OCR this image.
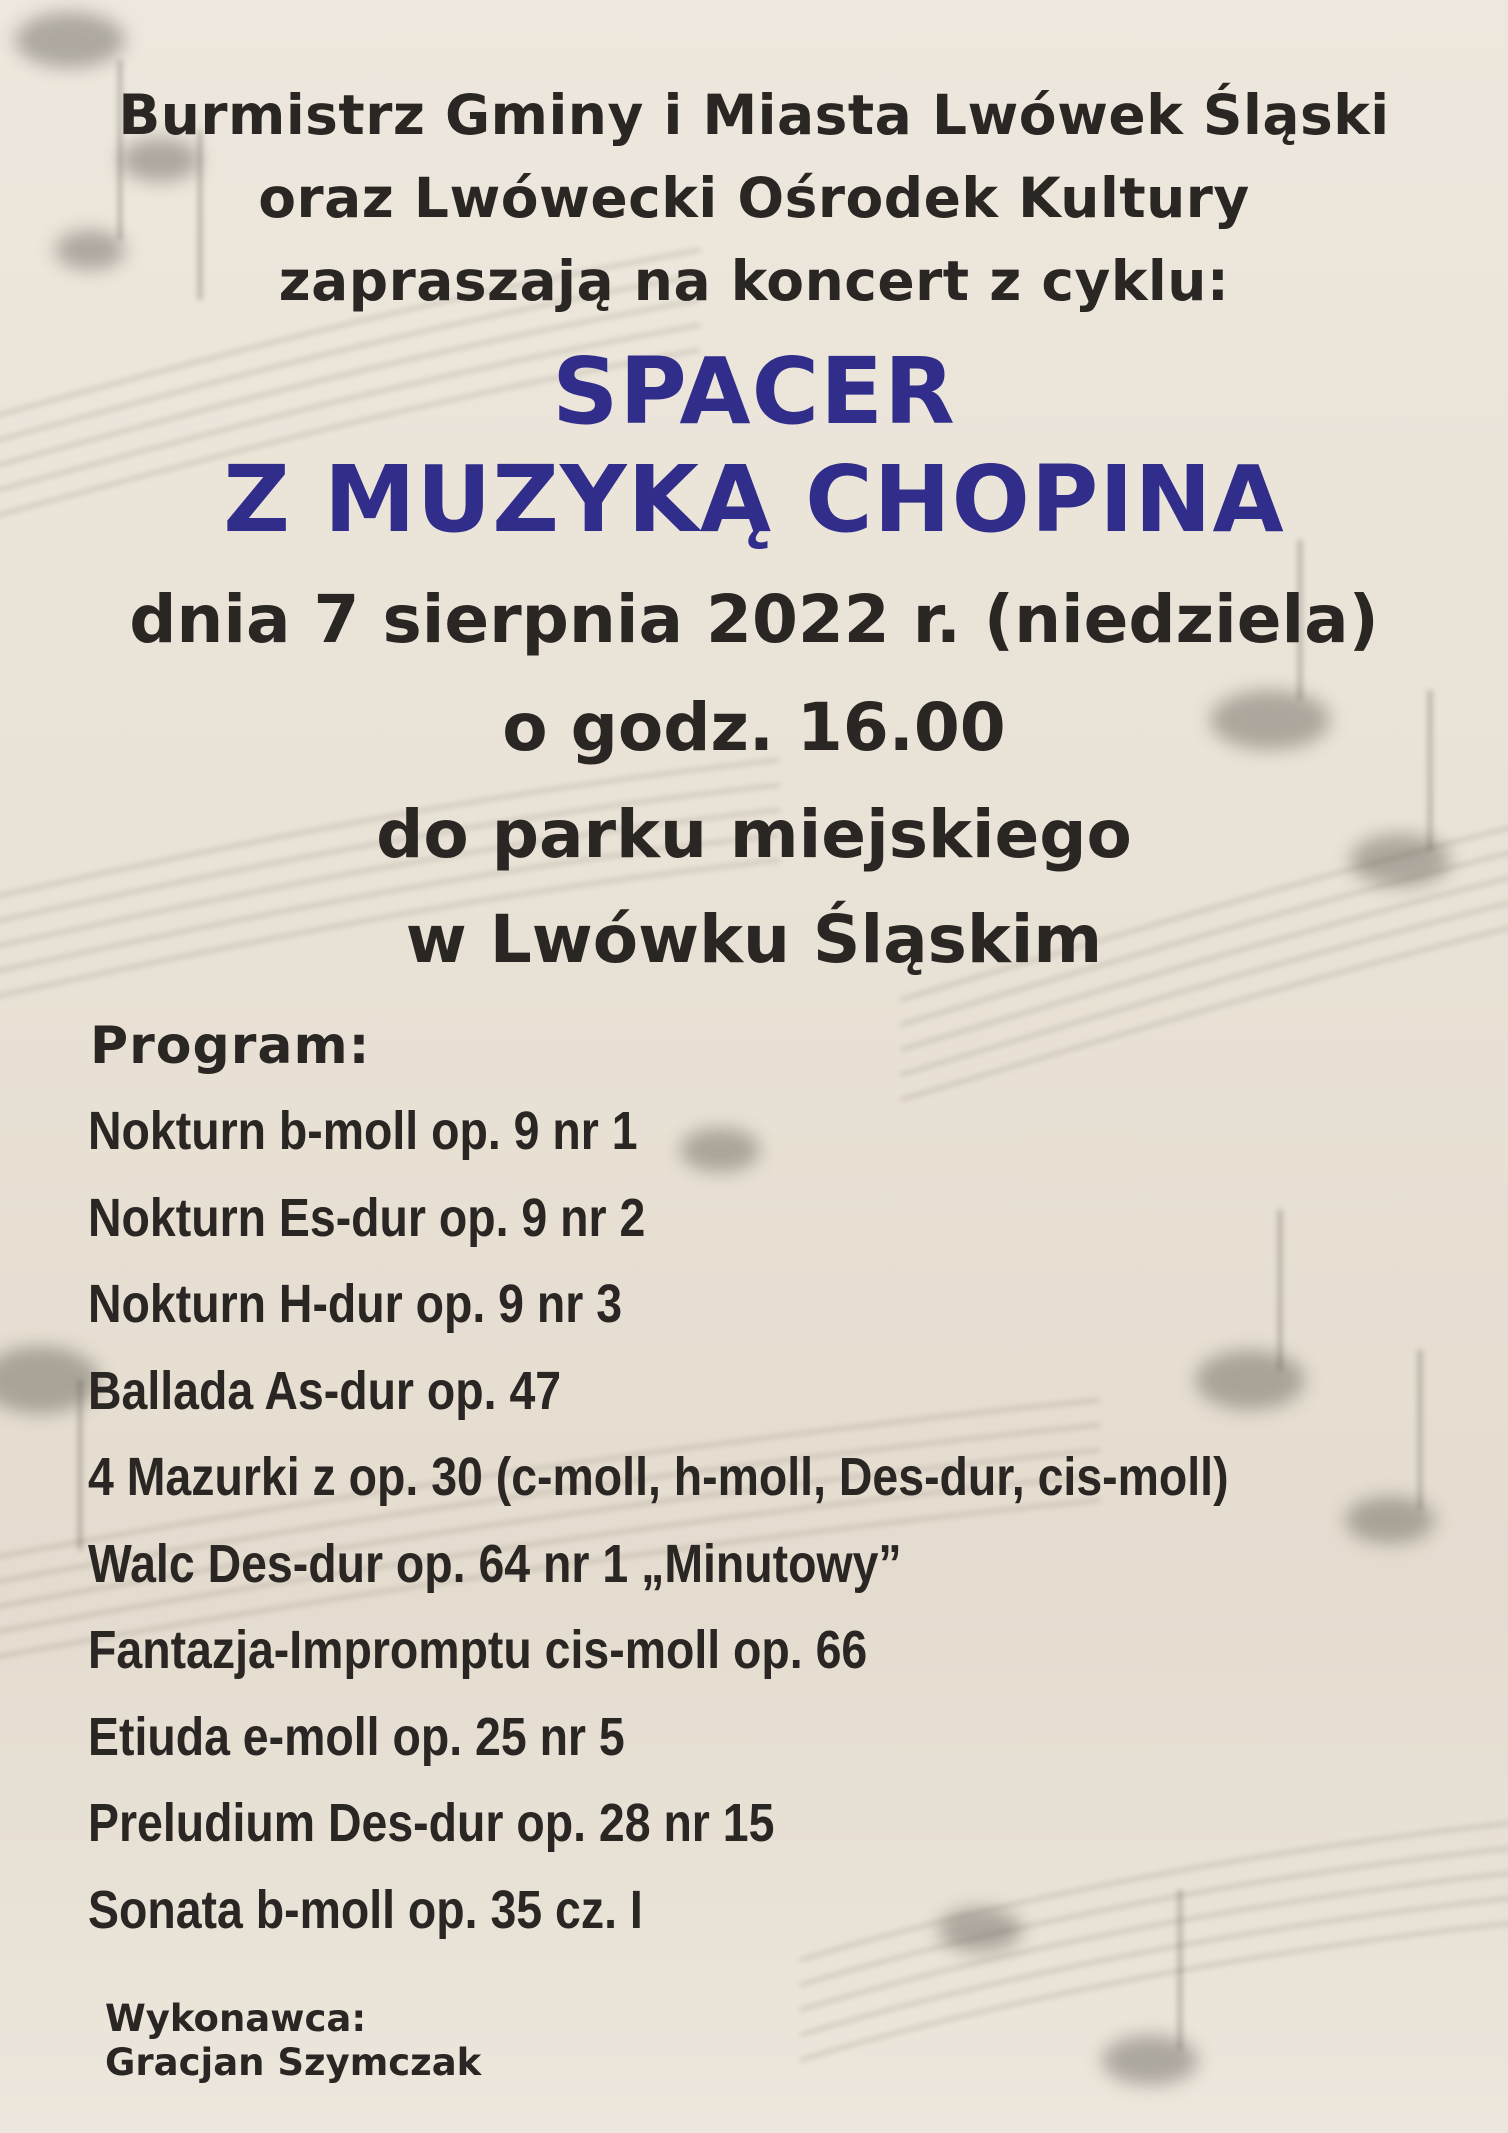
Burmistrz Gminy i Miasta Lwówek Śląski
oraz Lwówecki Ośrodek Kultury
zapraszają na koncert z cyklu:
SPACER
Z MUZYKĄ CHOPINA
dnia 7 sierpnia 2022 r. (niedziela)
o godz. 16.00
do parku miejskiego
w Lwówku Śląskim
Program:
Nokturn b-moll op. 9 nr 1
Nokturn Es-dur op. 9 nr 2
Nokturn H-dur op. 9 nr 3
Ballada As-dur op. 47
4 Mazurki z op. 30 (c-moll, h-moll, Des-dur, cis-moll)
Walc Des-dur op. 64 nr 1 „Minutowy”
Fantazja-Impromptu cis-moll op. 66
Etiuda e-moll op. 25 nr 5
Preludium Des-dur op. 28 nr 15
Sonata b-moll op. 35 cz. I
Wykonawca:
Gracjan Szymczak
